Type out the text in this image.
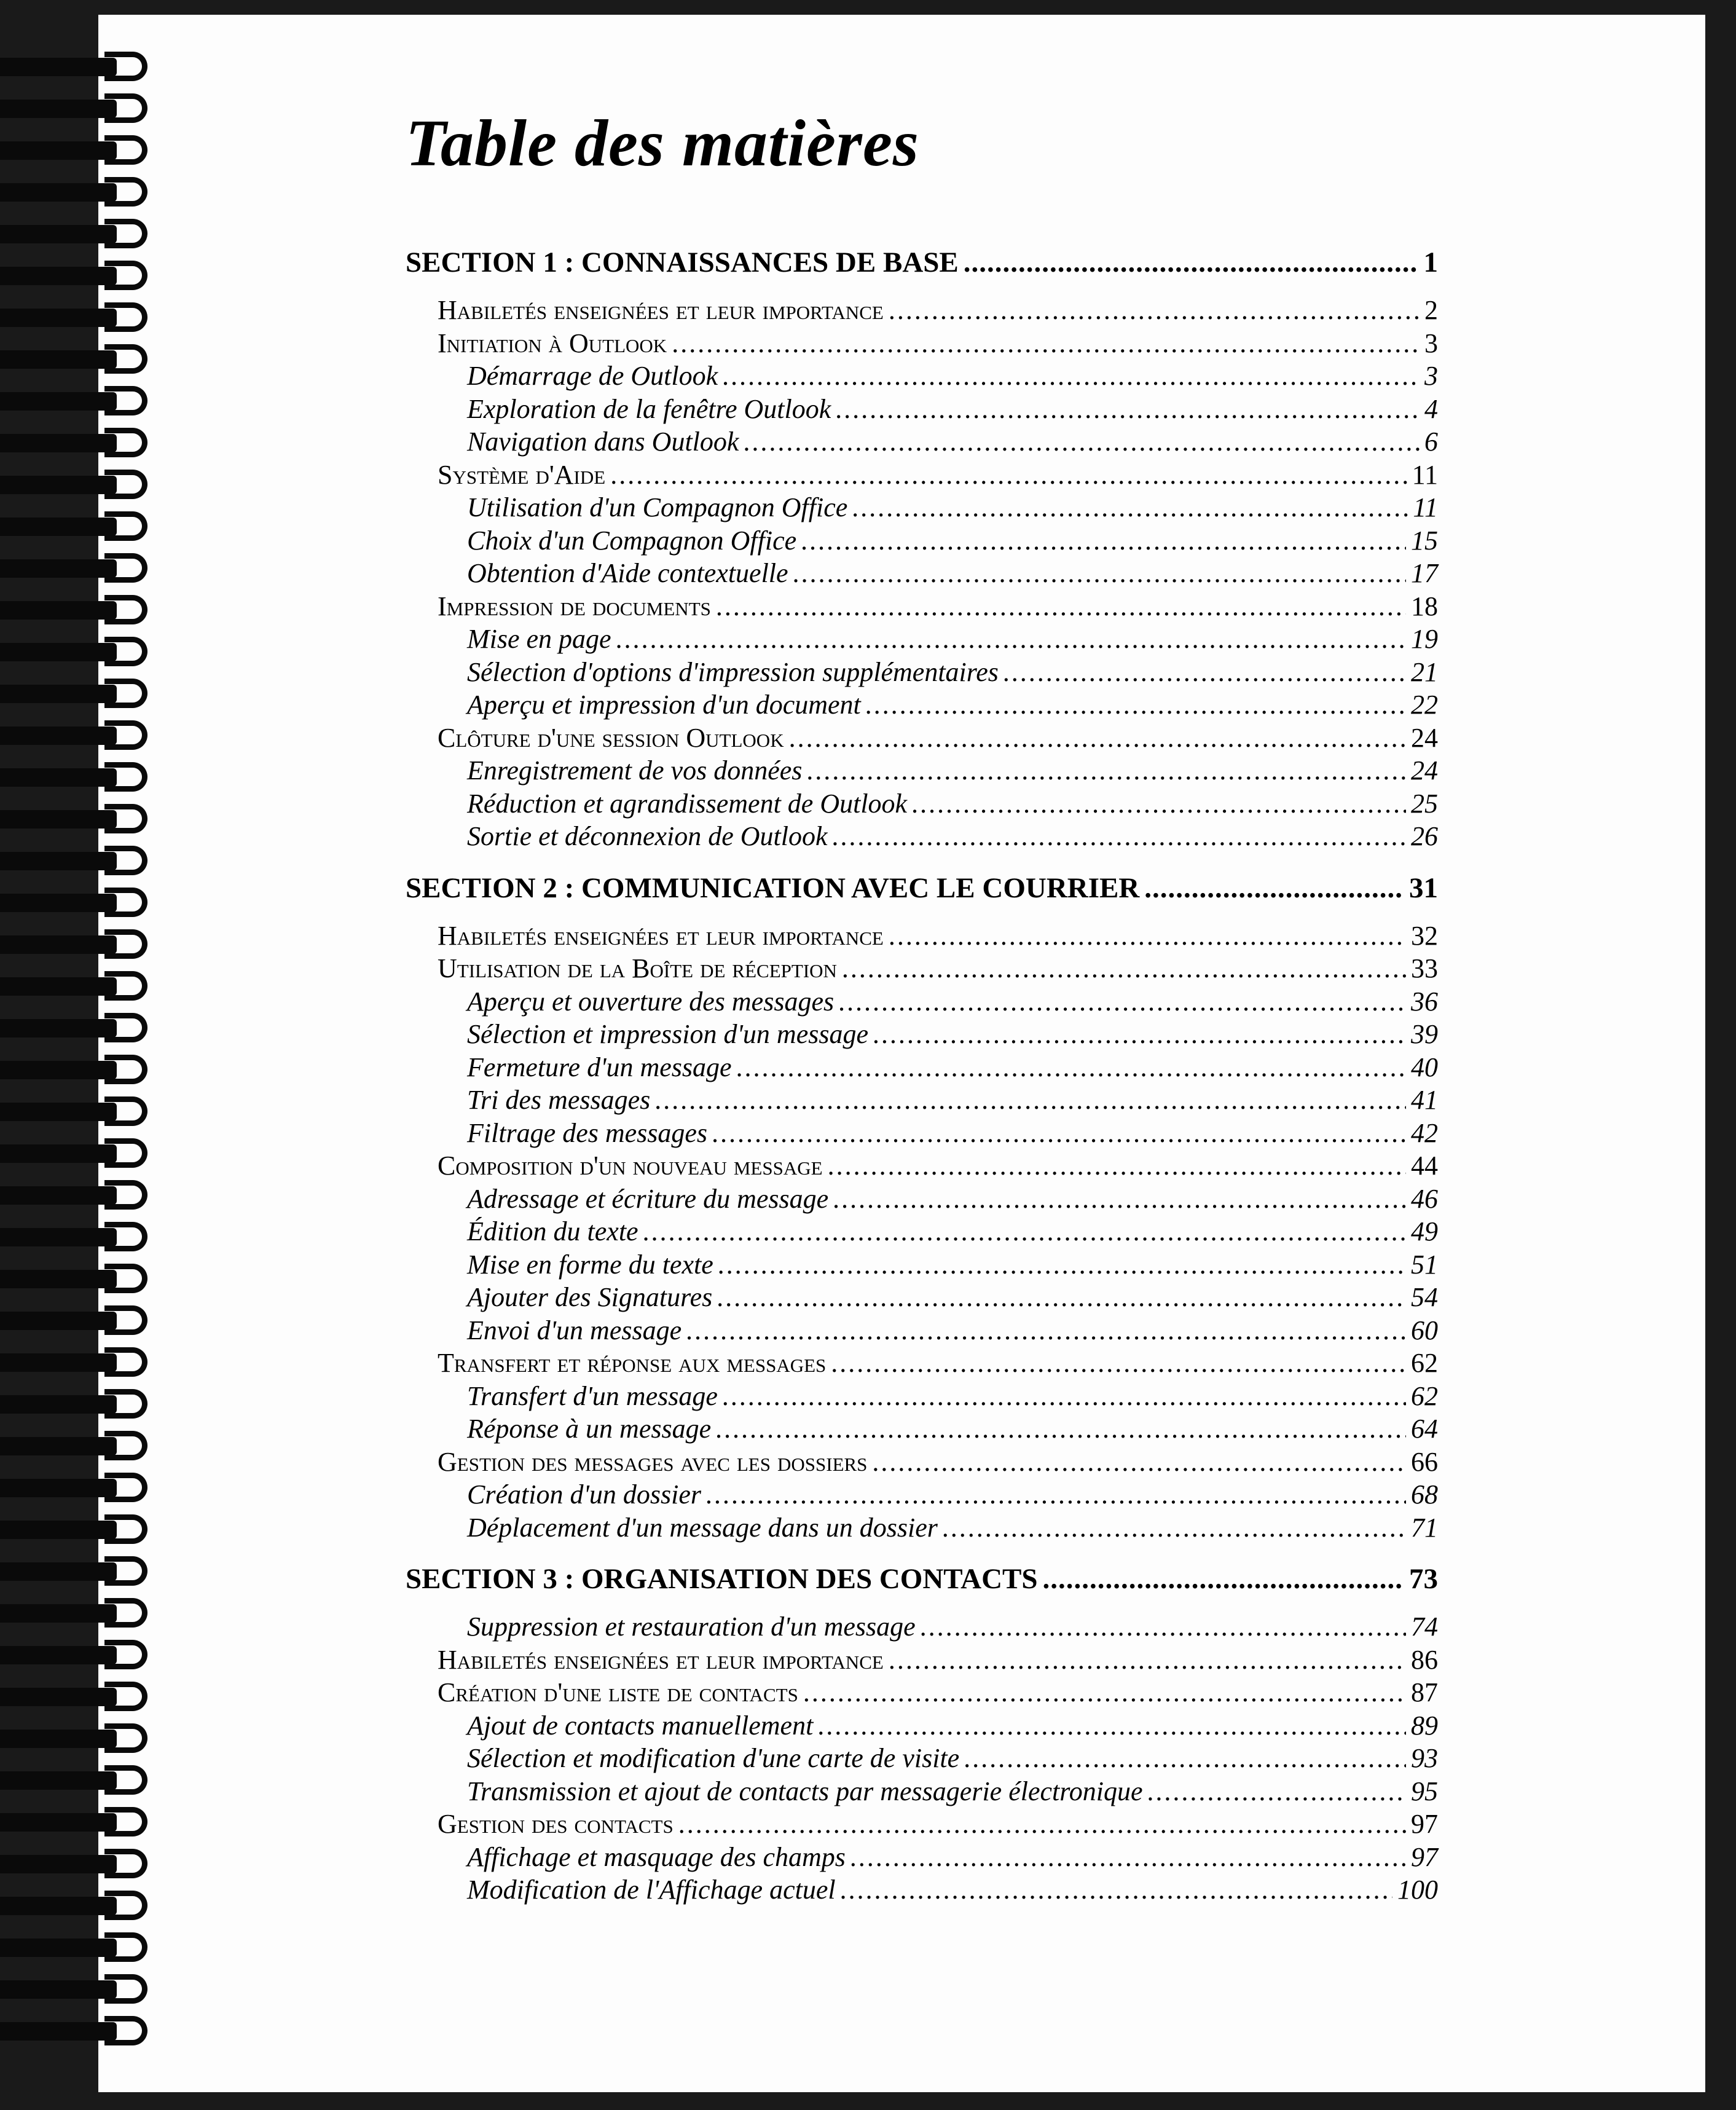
Table des matières
SECTION 1 : CONNAISSANCES DE BASE .....	1
Habiletés enseignées et leur importance .....	2
Initiation à Outlook .....	3
Démarrage de Outlook .....	3
Exploration de la fenêtre Outlook .....	4
Navigation dans Outlook .....	6
Système d'Aide .....	11
Utilisation d'un Compagnon Office .....	11
Choix d'un Compagnon Office .....	15
Obtention d'Aide contextuelle .....	17
Impression de documents .....	18
Mise en page .....	19
Sélection d'options d'impression supplémentaires .....	21
Aperçu et impression d'un document .....	22
Clôture d'une session Outlook .....	24
Enregistrement de vos données .....	24
Réduction et agrandissement de Outlook .....	25
Sortie et déconnexion de Outlook .....	26
SECTION 2 : COMMUNICATION AVEC LE COURRIER .....	31
Habiletés enseignées et leur importance .....	32
Utilisation de la Boîte de réception .....	33
Aperçu et ouverture des messages .....	36
Sélection et impression d'un message .....	39
Fermeture d'un message .....	40
Tri des messages .....	41
Filtrage des messages .....	42
Composition d'un nouveau message .....	44
Adressage et écriture du message .....	46
Édition du texte .....	49
Mise en forme du texte .....	51
Ajouter des Signatures .....	54
Envoi d'un message .....	60
Transfert et réponse aux messages .....	62
Transfert d'un message .....	62
Réponse à un message .....	64
Gestion des messages avec les dossiers .....	66
Création d'un dossier .....	68
Déplacement d'un message dans un dossier .....	71
SECTION 3 : ORGANISATION DES CONTACTS .....	73
Suppression et restauration d'un message .....	74
Habiletés enseignées et leur importance .....	86
Création d'une liste de contacts .....	87
Ajout de contacts manuellement .....	89
Sélection et modification d'une carte de visite .....	93
Transmission et ajout de contacts par messagerie électronique .....	95
Gestion des contacts .....	97
Affichage et masquage des champs .....	97
Modification de l'Affichage actuel .....	100
